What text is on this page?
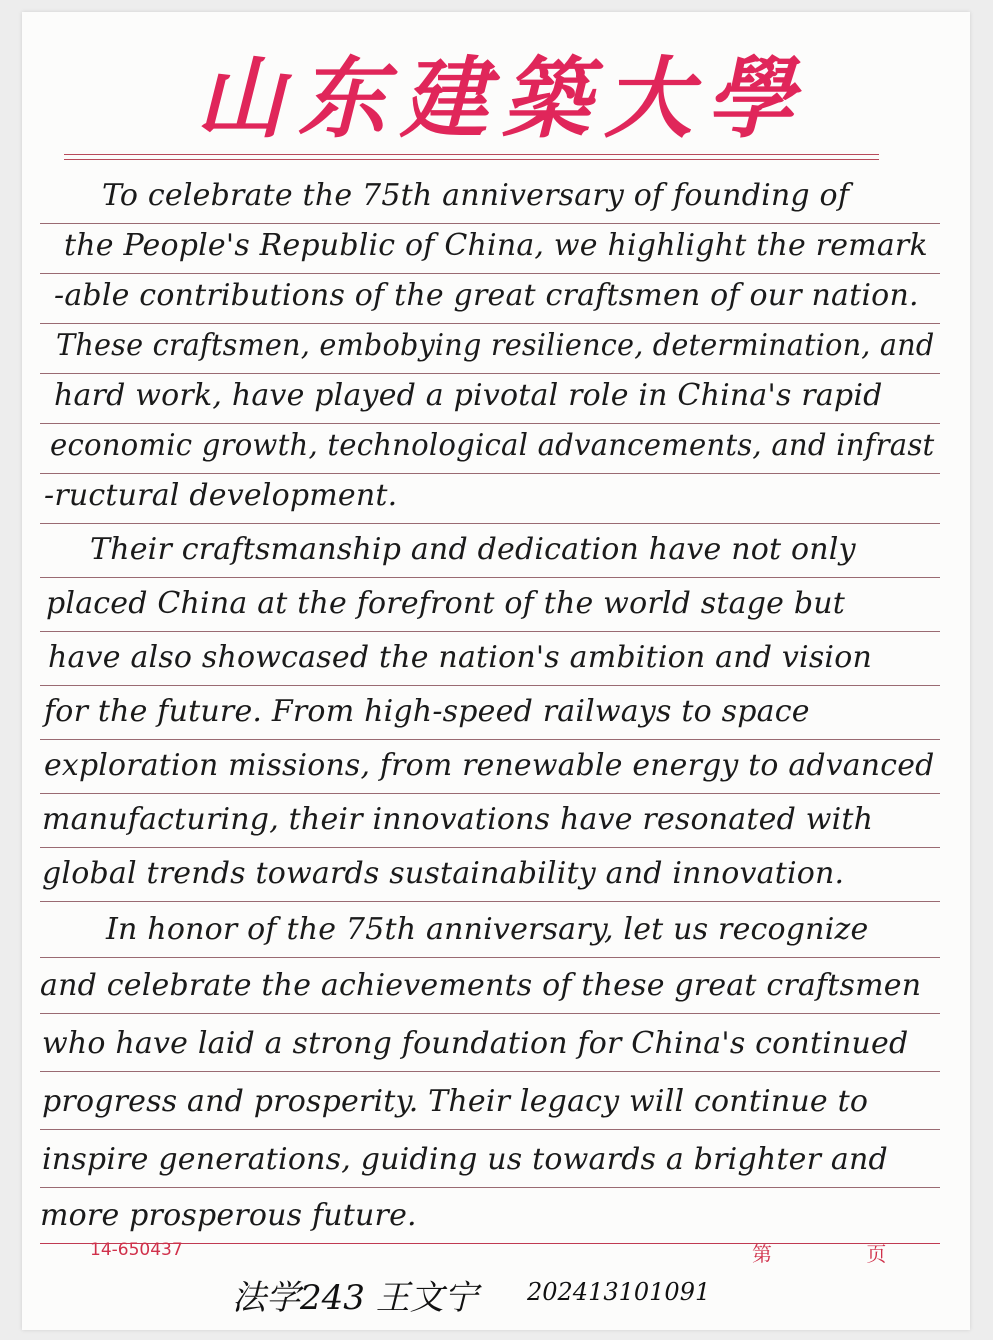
山东建築大學
To celebrate the 75th anniversary of founding of
the People's Republic of China, we highlight the remark
-able contributions of the great craftsmen of our nation.
These craftsmen, embobying resilience, determination, and
hard work, have played a pivotal role in China's rapid
economic growth, technological advancements, and infrast
-ructural development.
Their craftsmanship and dedication have not only
placed China at the forefront of the world stage but
have also showcased the nation's ambition and vision
for the future. From high-speed railways to space
exploration missions, from renewable energy to advanced
manufacturing, their innovations have resonated with
global trends towards sustainability and innovation.
In honor of the 75th anniversary, let us recognize
and celebrate the achievements of these great craftsmen
who have laid a strong foundation for China's continued
progress and prosperity. Their legacy will continue to
inspire generations, guiding us towards a brighter and
more prosperous future.
14-650437	第 页
法学243 王文宁 202413101091
